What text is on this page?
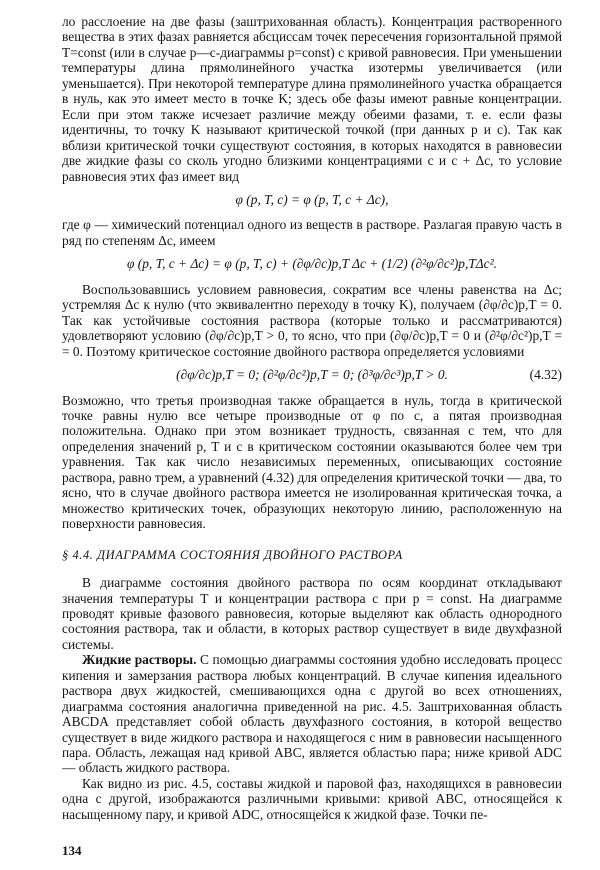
ло расслоение на две фазы (заштрихованная область). Концентрация растворенного вещества в этих фазах равняется абсциссам точек пересечения горизонтальной прямой T=const (или в случае p—c-диаграммы p=const) с кривой равновесия. При уменьшении температуры длина прямолинейного участка изотермы увеличивается (или уменьшается). При некоторой температуре длина прямолинейного участка обращается в нуль, как это имеет место в точке K; здесь обе фазы имеют равные концентрации. Если при этом также исчезает различие между обеими фазами, т. е. если фазы идентичны, то точку K называют критической точкой (при данных p и c). Так как вблизи критической точки существуют состояния, в которых находятся в равновесии две жидкие фазы со сколь угодно близкими концентрациями c и c + Δc, то условие равновесия этих фаз имеет вид

φ (p, T, c) = φ (p, T, c + Δc),

где φ — химический потенциал одного из веществ в растворе. Разлагая правую часть в ряд по степеням Δc, имеем

φ (p, T, c + Δc) = φ (p, T, c) + (∂φ/∂c)p,T Δc + (1/2) (∂²φ/∂c²)p,TΔc².

Воспользовавшись условием равновесия, сократим все члены равенства на Δc; устремляя Δc к нулю (что эквивалентно переходу в точку K), получаем (∂φ/∂c)p,T = 0. Так как устойчивые состояния раствора (которые только и рассматриваются) удовлетворяют условию (∂φ/∂c)p,T > 0, то ясно, что при (∂φ/∂c)p,T = 0 и (∂²φ/∂c²)p,T = = 0. Поэтому критическое состояние двойного раствора определяется условиями

(∂φ/∂c)p,T = 0; (∂²φ/∂c²)p,T = 0; (∂³φ/∂c³)p,T > 0.	(4.32)

Возможно, что третья производная также обращается в нуль, тогда в критической точке равны нулю все четыре производные от φ по c, а пятая производная положительна. Однако при этом возникает трудность, связанная с тем, что для определения значений p, T и c в критическом состоянии оказываются более чем три уравнения. Так как число независимых переменных, описывающих состояние раствора, равно трем, а уравнений (4.32) для определения критической точки — два, то ясно, что в случае двойного раствора имеется не изолированная критическая точка, а множество критических точек, образующих некоторую линию, расположенную на поверхности равновесия.

§ 4.4. ДИАГРАММА СОСТОЯНИЯ ДВОЙНОГО РАСТВОРА

В диаграмме состояния двойного раствора по осям координат откладывают значения температуры T и концентрации раствора c при p = const. На диаграмме проводят кривые фазового равновесия, которые выделяют как область однородного состояния раствора, так и области, в которых раствор существует в виде двухфазной системы.

Жидкие растворы. С помощью диаграммы состояния удобно исследовать процесс кипения и замерзания раствора любых концентраций. В случае кипения идеального раствора двух жидкостей, смешивающихся одна с другой во всех отношениях, диаграмма состояния аналогична приведенной на рис. 4.5. Заштрихованная область ABCDA представляет собой область двухфазного состояния, в которой вещество существует в виде жидкого раствора и находящегося с ним в равновесии насыщенного пара. Область, лежащая над кривой ABC, является областью пара; ниже кривой ADC — область жидкого раствора.

Как видно из рис. 4.5, составы жидкой и паровой фаз, находящихся в равновесии одна с другой, изображаются различными кривыми: кривой ABC, относящейся к насыщенному пару, и кривой ADC, относящейся к жидкой фазе. Точки пе-

134
